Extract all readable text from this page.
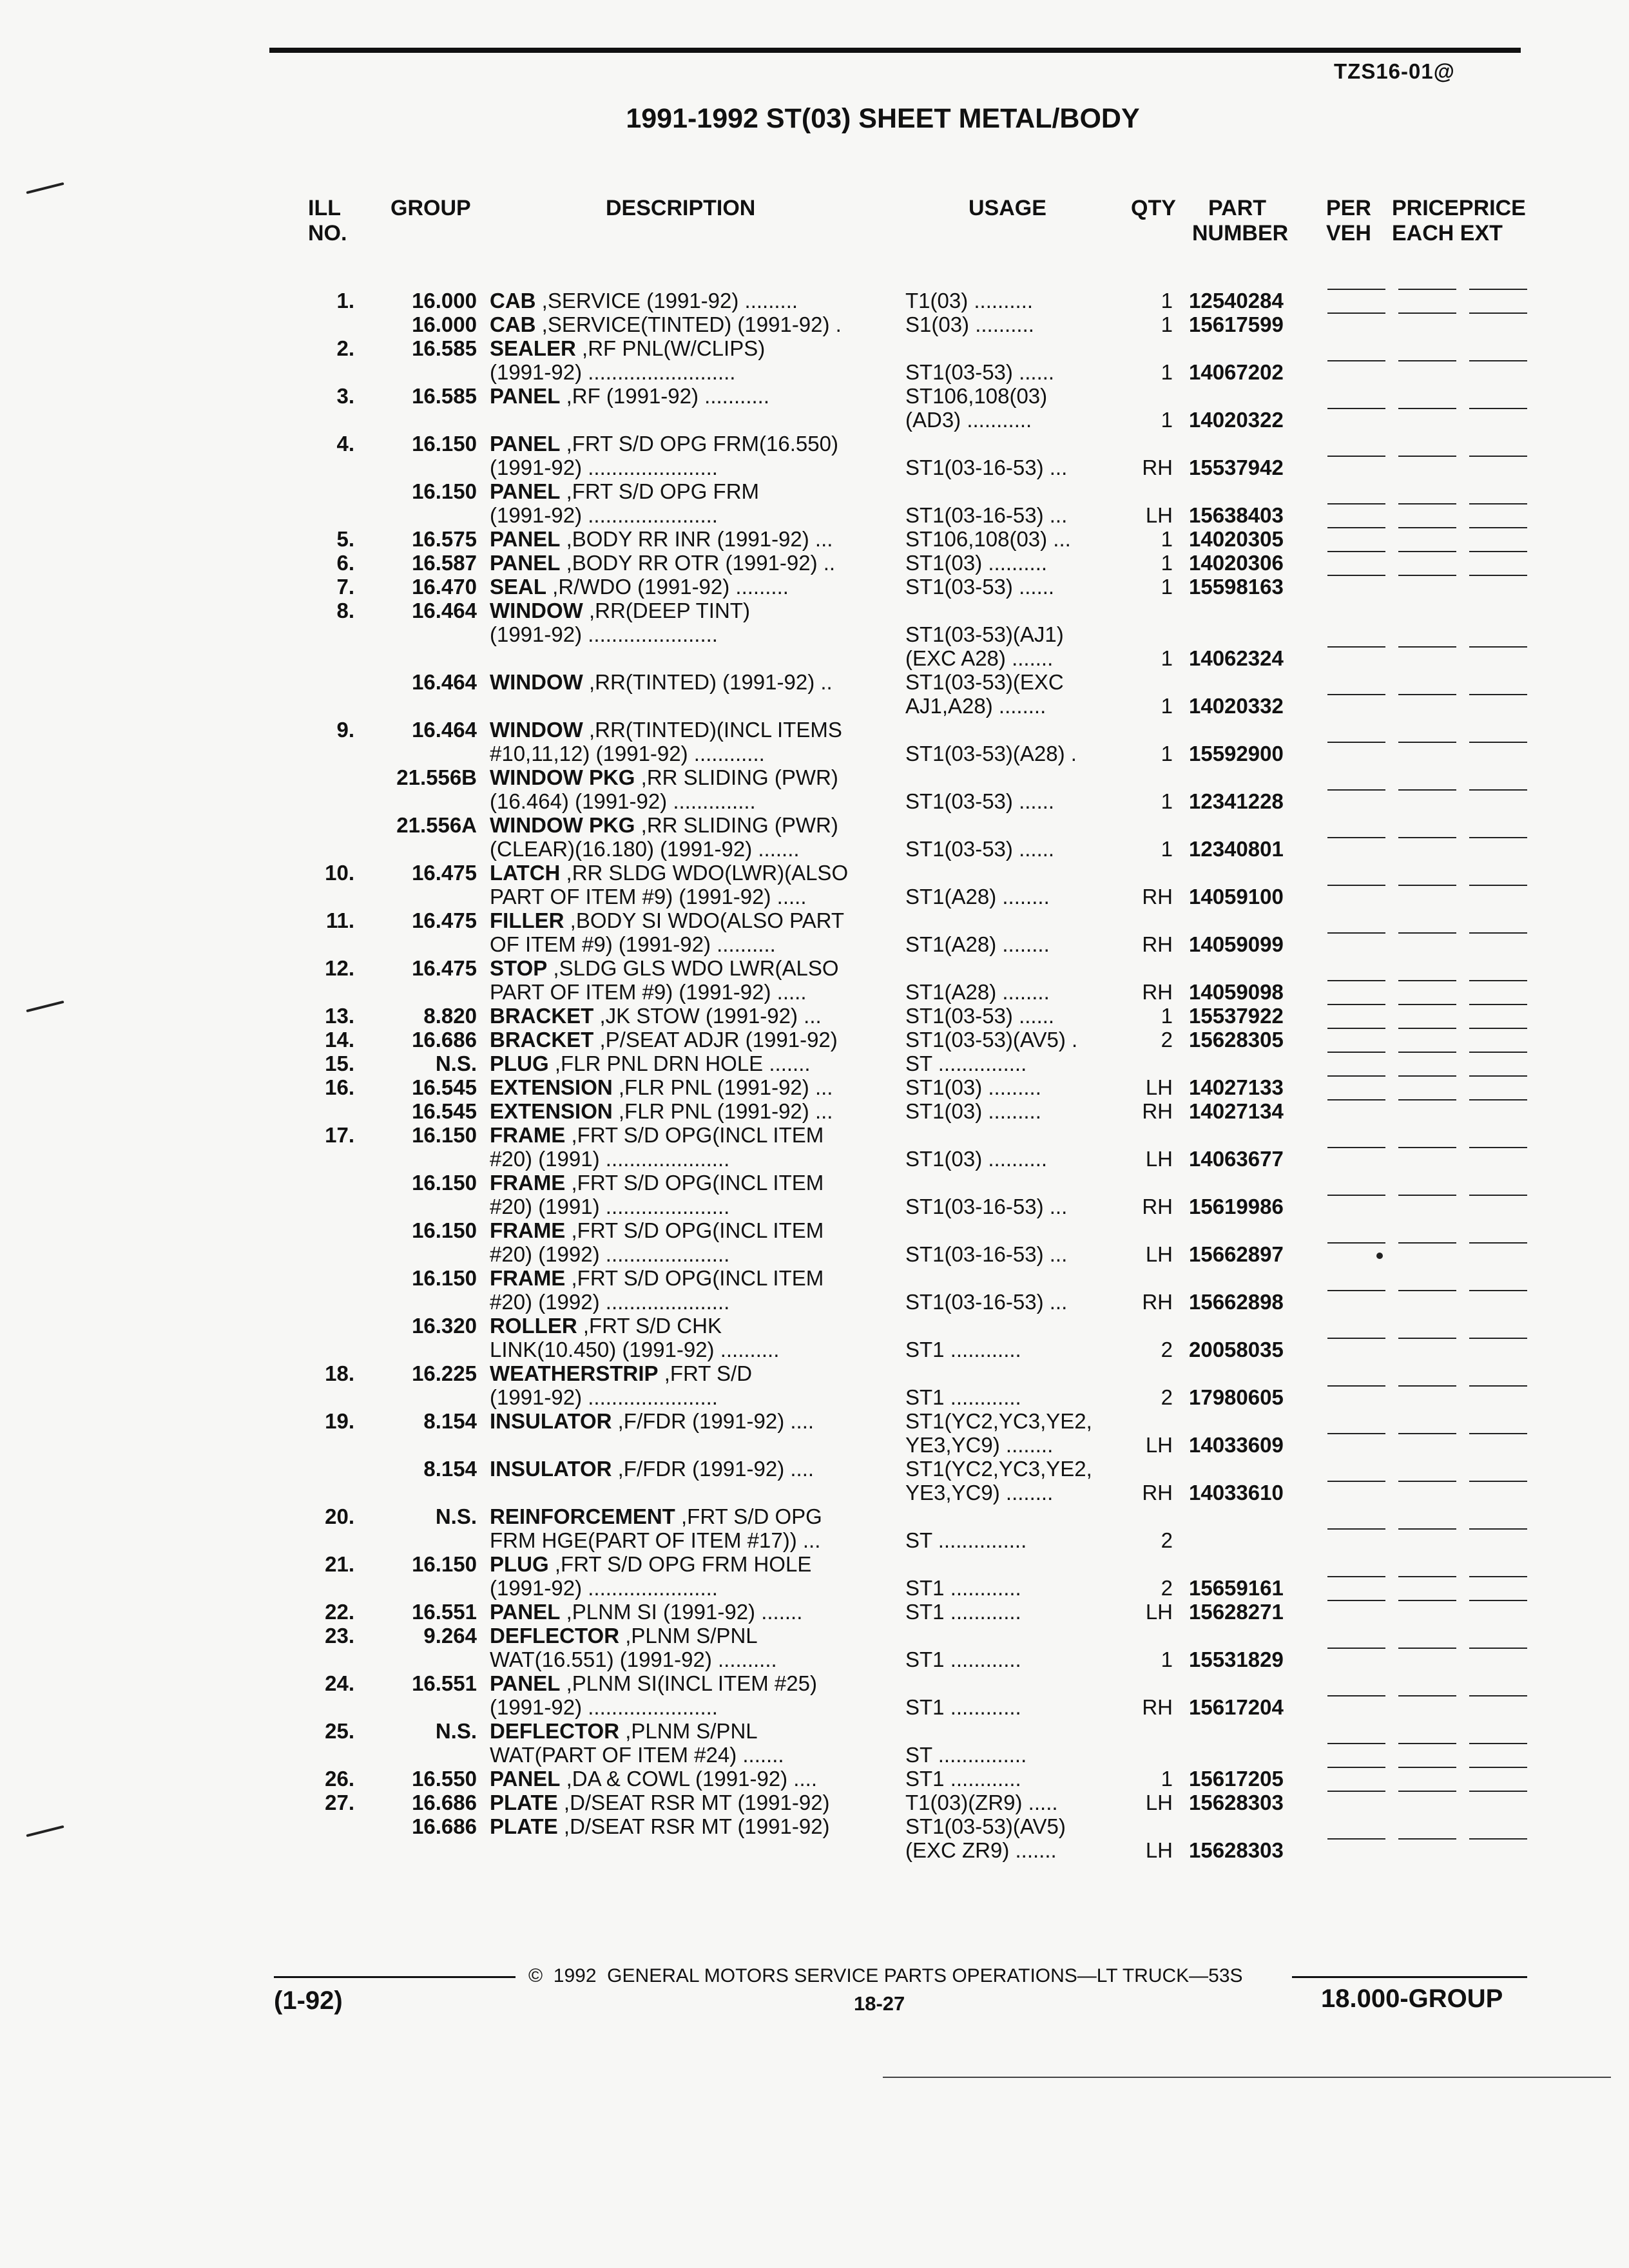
TZS16-01@
1991-1992 ST(03) SHEET METAL/BODY
ILL
NO.
GROUP	DESCRIPTION	USAGE	QTY PART
NUMBER
PER
VEH
PRICEPRICE
EACH EXT
1.	16.000 CAB ,SERVICE (1991-92) .........	T1(03) ..........	1 12540284
16.000 CAB ,SERVICE(TINTED) (1991-92) .	S1(03) ..........	1 15617599
2.	16.585 SEALER ,RF PNL(W/CLIPS)
(1991-92) .........................	ST1(03-53) ......	1 14067202
3.	16.585 PANEL ,RF (1991-92) ...........	ST106,108(03)
(AD3) ...........	1 14020322
4.	16.150 PANEL ,FRT S/D OPG FRM(16.550)
(1991-92) ......................	ST1(03-16-53) ...	RH 15537942
16.150 PANEL ,FRT S/D OPG FRM
(1991-92) ......................	ST1(03-16-53) ...	LH 15638403
5.	16.575 PANEL ,BODY RR INR (1991-92) ...	ST106,108(03) ...	1 14020305
6.	16.587 PANEL ,BODY RR OTR (1991-92) ..	ST1(03) ..........	1 14020306
7.	16.470 SEAL ,R/WDO (1991-92) .........	ST1(03-53) ......	1 15598163
8.	16.464 WINDOW ,RR(DEEP TINT)
(1991-92) ......................	ST1(03-53)(AJ1)
(EXC A28) .......	1 14062324
16.464 WINDOW ,RR(TINTED) (1991-92) ..	ST1(03-53)(EXC
AJ1,A28) ........	1 14020332
9.	16.464 WINDOW ,RR(TINTED)(INCL ITEMS
#10,11,12) (1991-92) ............	ST1(03-53)(A28) .	1 15592900
21.556B WINDOW PKG ,RR SLIDING (PWR)
(16.464) (1991-92) ..............	ST1(03-53) ......	1 12341228
21.556A WINDOW PKG ,RR SLIDING (PWR)
(CLEAR)(16.180) (1991-92) .......	ST1(03-53) ......	1 12340801
10.	16.475 LATCH ,RR SLDG WDO(LWR)(ALSO
PART OF ITEM #9) (1991-92) .....	ST1(A28) ........	RH 14059100
11.	16.475 FILLER ,BODY SI WDO(ALSO PART
OF ITEM #9) (1991-92) ..........	ST1(A28) ........	RH 14059099
12.	16.475 STOP ,SLDG GLS WDO LWR(ALSO
PART OF ITEM #9) (1991-92) .....	ST1(A28) ........	RH 14059098
13.	8.820 BRACKET ,JK STOW (1991-92) ...	ST1(03-53) ......	1 15537922
14.	16.686 BRACKET ,P/SEAT ADJR (1991-92)	ST1(03-53)(AV5) .	2 15628305
15.	N.S. PLUG ,FLR PNL DRN HOLE .......	ST ...............
16.	16.545 EXTENSION ,FLR PNL (1991-92) ...	ST1(03) .........	LH 14027133
16.545 EXTENSION ,FLR PNL (1991-92) ...	ST1(03) .........	RH 14027134
17.	16.150 FRAME ,FRT S/D OPG(INCL ITEM
#20) (1991) .....................	ST1(03) ..........	LH 14063677
16.150 FRAME ,FRT S/D OPG(INCL ITEM
#20) (1991) .....................	ST1(03-16-53) ...	RH 15619986
16.150 FRAME ,FRT S/D OPG(INCL ITEM
#20) (1992) .....................	ST1(03-16-53) ...	LH 15662897
16.150 FRAME ,FRT S/D OPG(INCL ITEM
#20) (1992) .....................	ST1(03-16-53) ...	RH 15662898
16.320 ROLLER ,FRT S/D CHK
LINK(10.450) (1991-92) ..........	ST1 ............	2 20058035
18.	16.225 WEATHERSTRIP ,FRT S/D
(1991-92) ......................	ST1 ............	2 17980605
19.	8.154 INSULATOR ,F/FDR (1991-92) ....	ST1(YC2,YC3,YE2,
YE3,YC9) ........	LH 14033609
8.154 INSULATOR ,F/FDR (1991-92) ....	ST1(YC2,YC3,YE2,
YE3,YC9) ........	RH 14033610
20.	N.S. REINFORCEMENT ,FRT S/D OPG
FRM HGE(PART OF ITEM #17)) ...	ST ...............	2
21.	16.150 PLUG ,FRT S/D OPG FRM HOLE
(1991-92) ......................	ST1 ............	2 15659161
22.	16.551 PANEL ,PLNM SI (1991-92) .......	ST1 ............	LH 15628271
23.	9.264 DEFLECTOR ,PLNM S/PNL
WAT(16.551) (1991-92) ..........	ST1 ............	1 15531829
24.	16.551 PANEL ,PLNM SI(INCL ITEM #25)
(1991-92) ......................	ST1 ............	RH 15617204
25.	N.S. DEFLECTOR ,PLNM S/PNL
WAT(PART OF ITEM #24) .......	ST ...............
26.	16.550 PANEL ,DA & COWL (1991-92) ....	ST1 ............	1 15617205
27.	16.686 PLATE ,D/SEAT RSR MT (1991-92)	T1(03)(ZR9) .....	LH 15628303
16.686 PLATE ,D/SEAT RSR MT (1991-92)	ST1(03-53)(AV5)
(EXC ZR9) .......	LH 15628303
©  1992  GENERAL MOTORS SERVICE PARTS OPERATIONS—LT TRUCK—53S
(1-92)	18-27	18.000-GROUP
